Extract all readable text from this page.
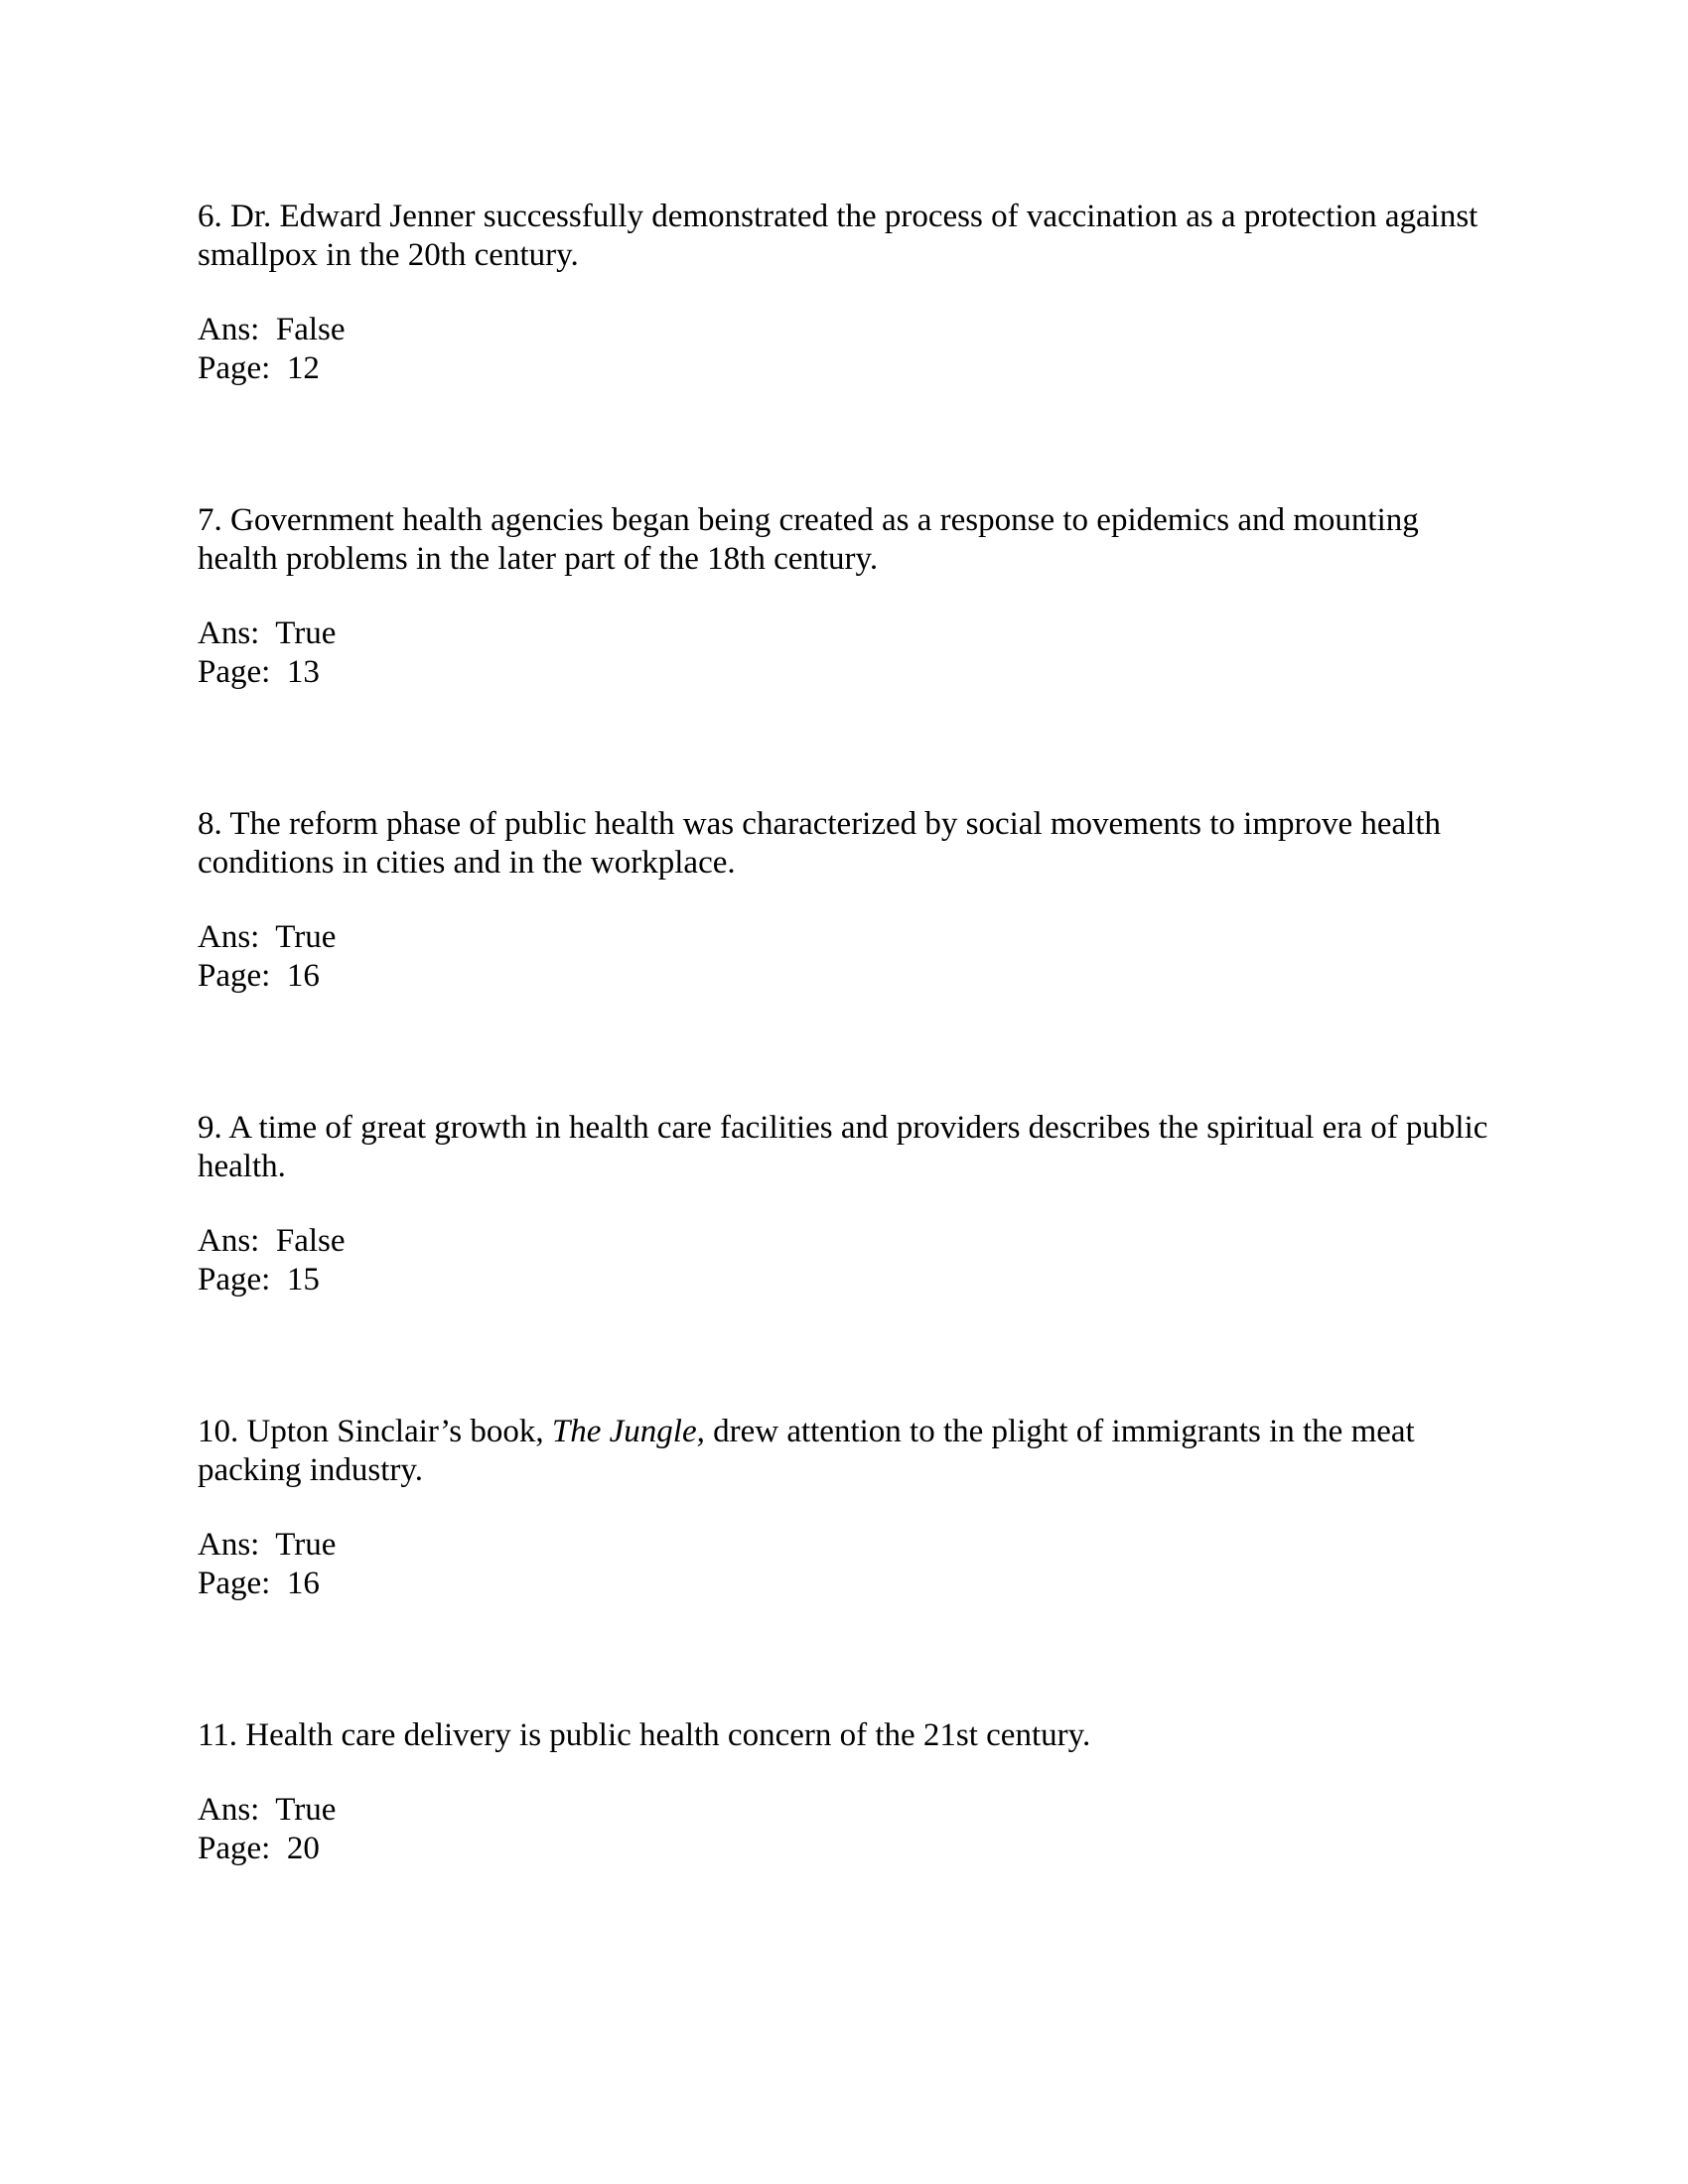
6. Dr. Edward Jenner successfully demonstrated the process of vaccination as a protection against smallpox in the 20th century.

Ans: False
Page: 12

7. Government health agencies began being created as a response to epidemics and mounting health problems in the later part of the 18th century.

Ans: True
Page: 13

8. The reform phase of public health was characterized by social movements to improve health conditions in cities and in the workplace.

Ans: True
Page: 16

9. A time of great growth in health care facilities and providers describes the spiritual era of public health.

Ans: False
Page: 15

10. Upton Sinclair’s book, The Jungle, drew attention to the plight of immigrants in the meat packing industry.

Ans: True
Page: 16

11. Health care delivery is public health concern of the 21st century.

Ans: True
Page: 20
